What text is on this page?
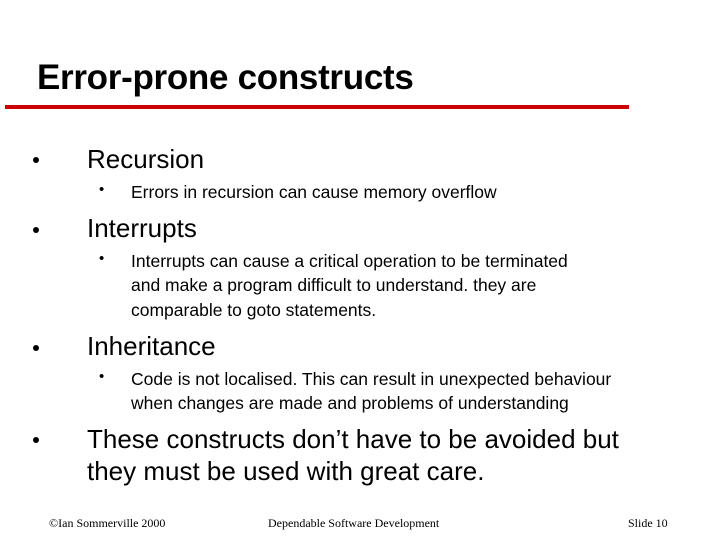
Error-prone constructs
Recursion
• Errors in recursion can cause memory overflow
Interrupts
• Interrupts can cause a critical operation to be terminated
and make a program difficult to understand. they are
comparable to goto statements.
Inheritance
• Code is not localised. This can result in unexpected behaviour
when changes are made and problems of understanding
These constructs don’t have to be avoided but
they must be used with great care.
©Ian Sommerville 2000	Dependable Software Development	Slide 10
